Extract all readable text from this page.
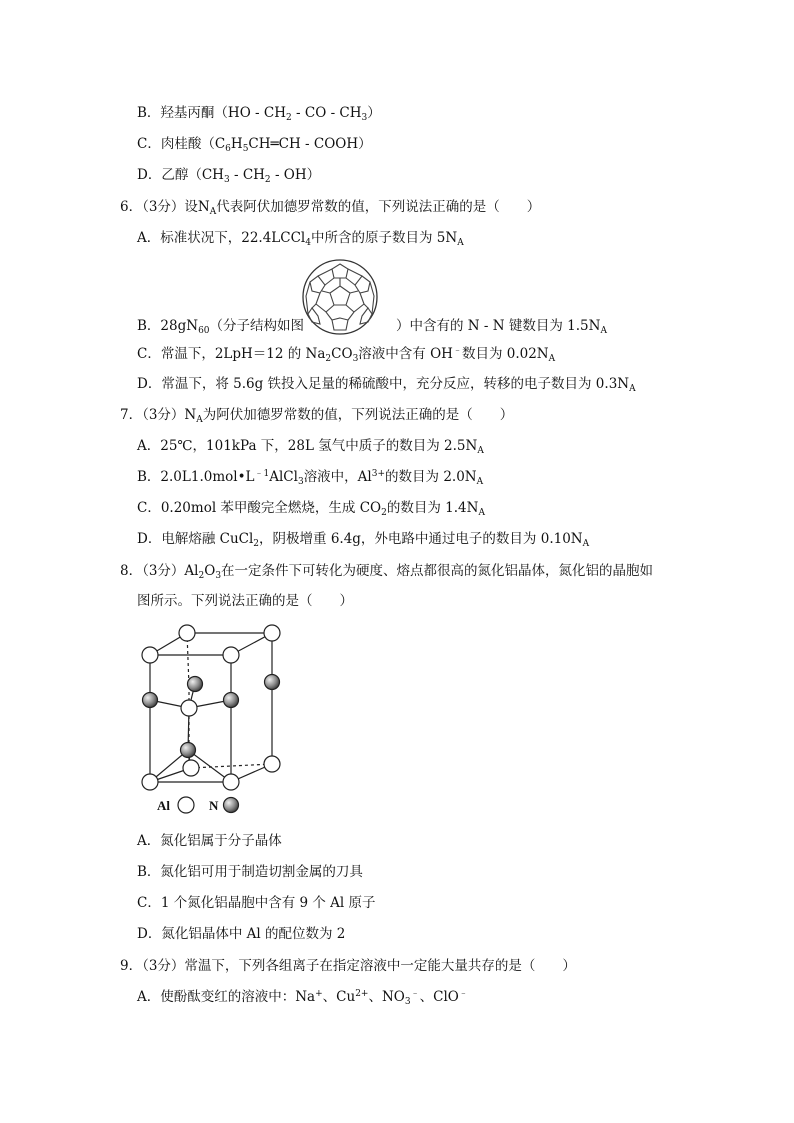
B．羟基丙酮（$HO - CH_2$ - CO - $CH_3$）
C．肉桂酸（$C_6H_5CH═CH$ - COOH）
D．乙醇$(CH_3 - CH_2 - OH)$
6．（3分）设$N_A$代表阿伏加德罗常数的值，下列说法正确的是（　　）
A．标准状况下，22.4LCCl$_4$中所含的原子数目为 $5N_A$
B．$28gN_{60}$（分子结构如图	）中含有的 N - N 键数目为 $1.5N_A$
C．常温下，2LpH＝12 的 $Na_2CO_3$溶液中含有 OH﹣数目为 $0.02N_A$
D．常温下，将 5.6g 铁投入足量的稀硫酸中，充分反应，转移的电子数目为 $0.3N_A$
7．（3分）$N_A$为阿伏加德罗常数的值，下列说法正确的是（　　）
A．25℃，101kPa 下，28L 氢气中质子的数目为 $2.5N_A$
B．$2.0L1.0mol•L^{﹣1}AlCl_3$溶液中，$Al^{3+}$的数目为 $2.0N_A$
C．0.20mol 苯甲酸完全燃烧，生成 $CO_2$的数目为 $1.4N_A$
D．电解熔融 CuCl$_2$，阴极增重 6.4g，外电路中通过电子的数目为 $0.10N_A$
8．（3分）$Al_2O_3$在一定条件下可转化为硬度、熔点都很高的氮化铝晶体，氮化铝的晶胞如
图所示。下列说法正确的是（　　）
Al	N
A．氮化铝属于分子晶体
B．氮化铝可用于制造切割金属的刀具
C．1 个氮化铝晶胞中含有 9 个 Al 原子
D．氮化铝晶体中 Al 的配位数为 2
9．（3分）常温下，下列各组离子在指定溶液中一定能大量共存的是（　　）
A．使酚酞变红的溶液中：Na+、$Cu^{2+}$、$NO_3^﹣$、ClO﹣
